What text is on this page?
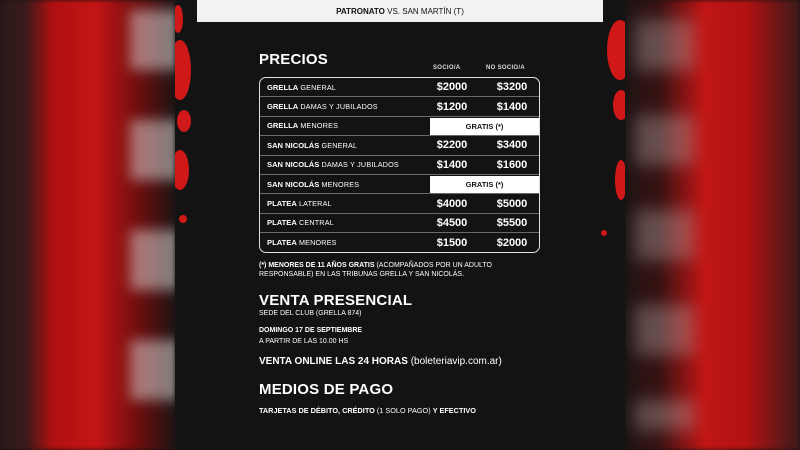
PATRONATO
VS. SAN MARTÍN (T)
PRECIOS	SOCIO/A	NO SOCIO/A
GRELLA GENERAL	$2000	$3200
GRELLA DAMAS Y JUBILADOS	$1200	$1400
GRELLA MENORES	GRATIS (*)
SAN NICOLÁS GENERAL	$2200	$3400
SAN NICOLÁS DAMAS Y JUBILADOS	$1400	$1600
SAN NICOLÁS MENORES	GRATIS (*)
PLATEA LATERAL	$4000	$5000
PLATEA CENTRAL	$4500	$5500
PLATEA MENORES	$1500	$2000
(*) MENORES DE 11 AÑOS GRATIS (ACOMPAÑADOS POR UN ADULTO RESPONSABLE) EN LAS TRIBUNAS GRELLA Y SAN NICOLÁS.
VENTA PRESENCIAL
SEDE DEL CLUB (GRELLA 874)
DOMINGO 17 DE SEPTIEMBRE
A PARTIR DE LAS 10.00 HS
VENTA ONLINE LAS 24 HORAS (boleteriavip.com.ar)
MEDIOS DE PAGO
TARJETAS DE DÉBITO, CRÉDITO (1 SOLO PAGO) Y EFECTIVO
